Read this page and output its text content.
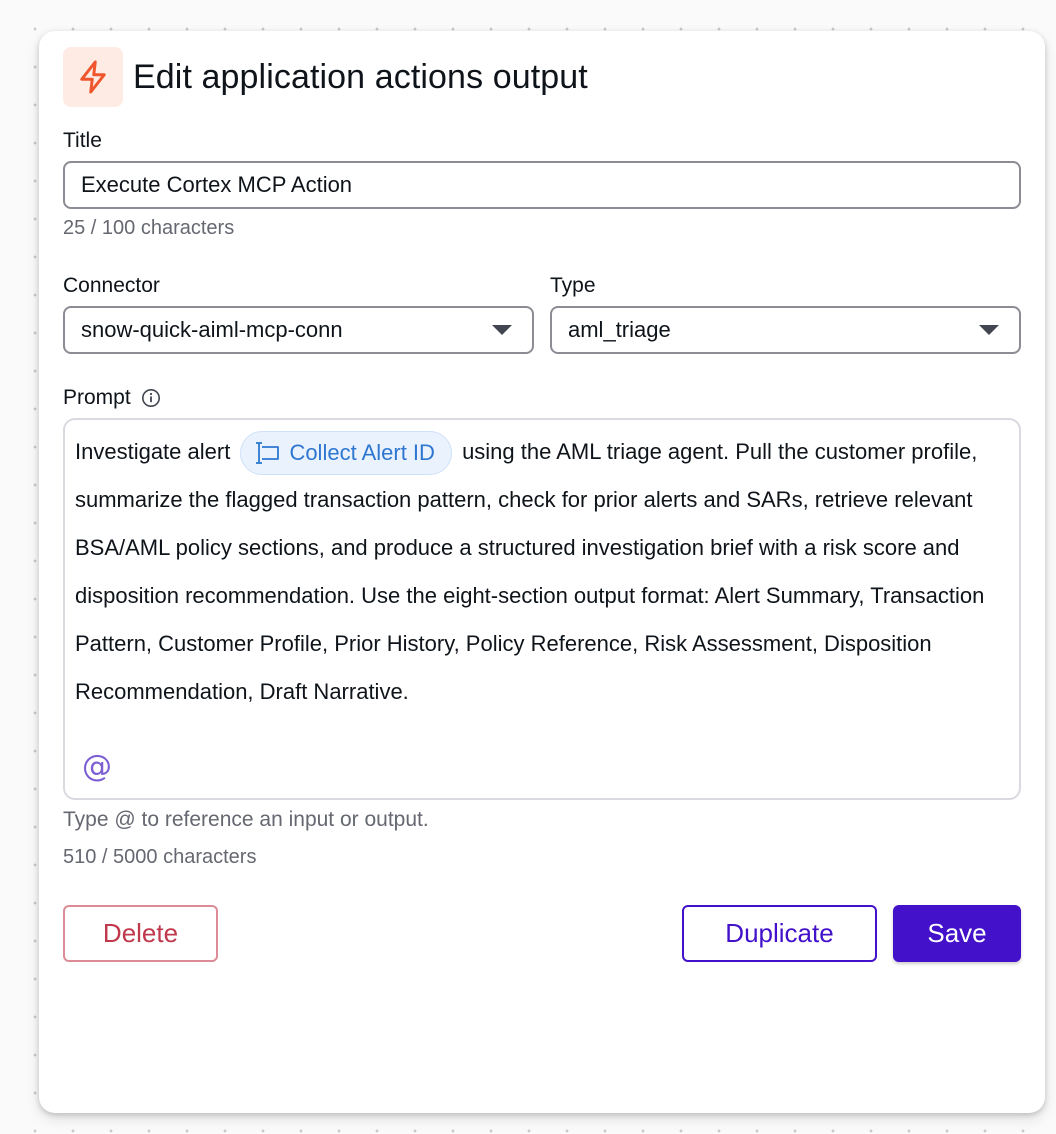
Edit application actions output
Title
Execute Cortex MCP Action
25 / 100 characters
Connector
snow-quick-aiml-mcp-conn
Type
aml_triage
Prompt
Investigate alert	Collect Alert ID using the AML triage agent. Pull the customer profile, summarize the flagged transaction pattern, check for prior alerts and SARs, retrieve relevant BSA/AML policy sections, and produce a structured investigation brief with a risk score and disposition recommendation. Use the eight-section output format: Alert Summary, Transaction Pattern, Customer Profile, Prior History, Policy Reference, Risk Assessment, Disposition Recommendation, Draft Narrative.
@
Type @ to reference an input or output.
510 / 5000 characters
Delete	Duplicate	Save
